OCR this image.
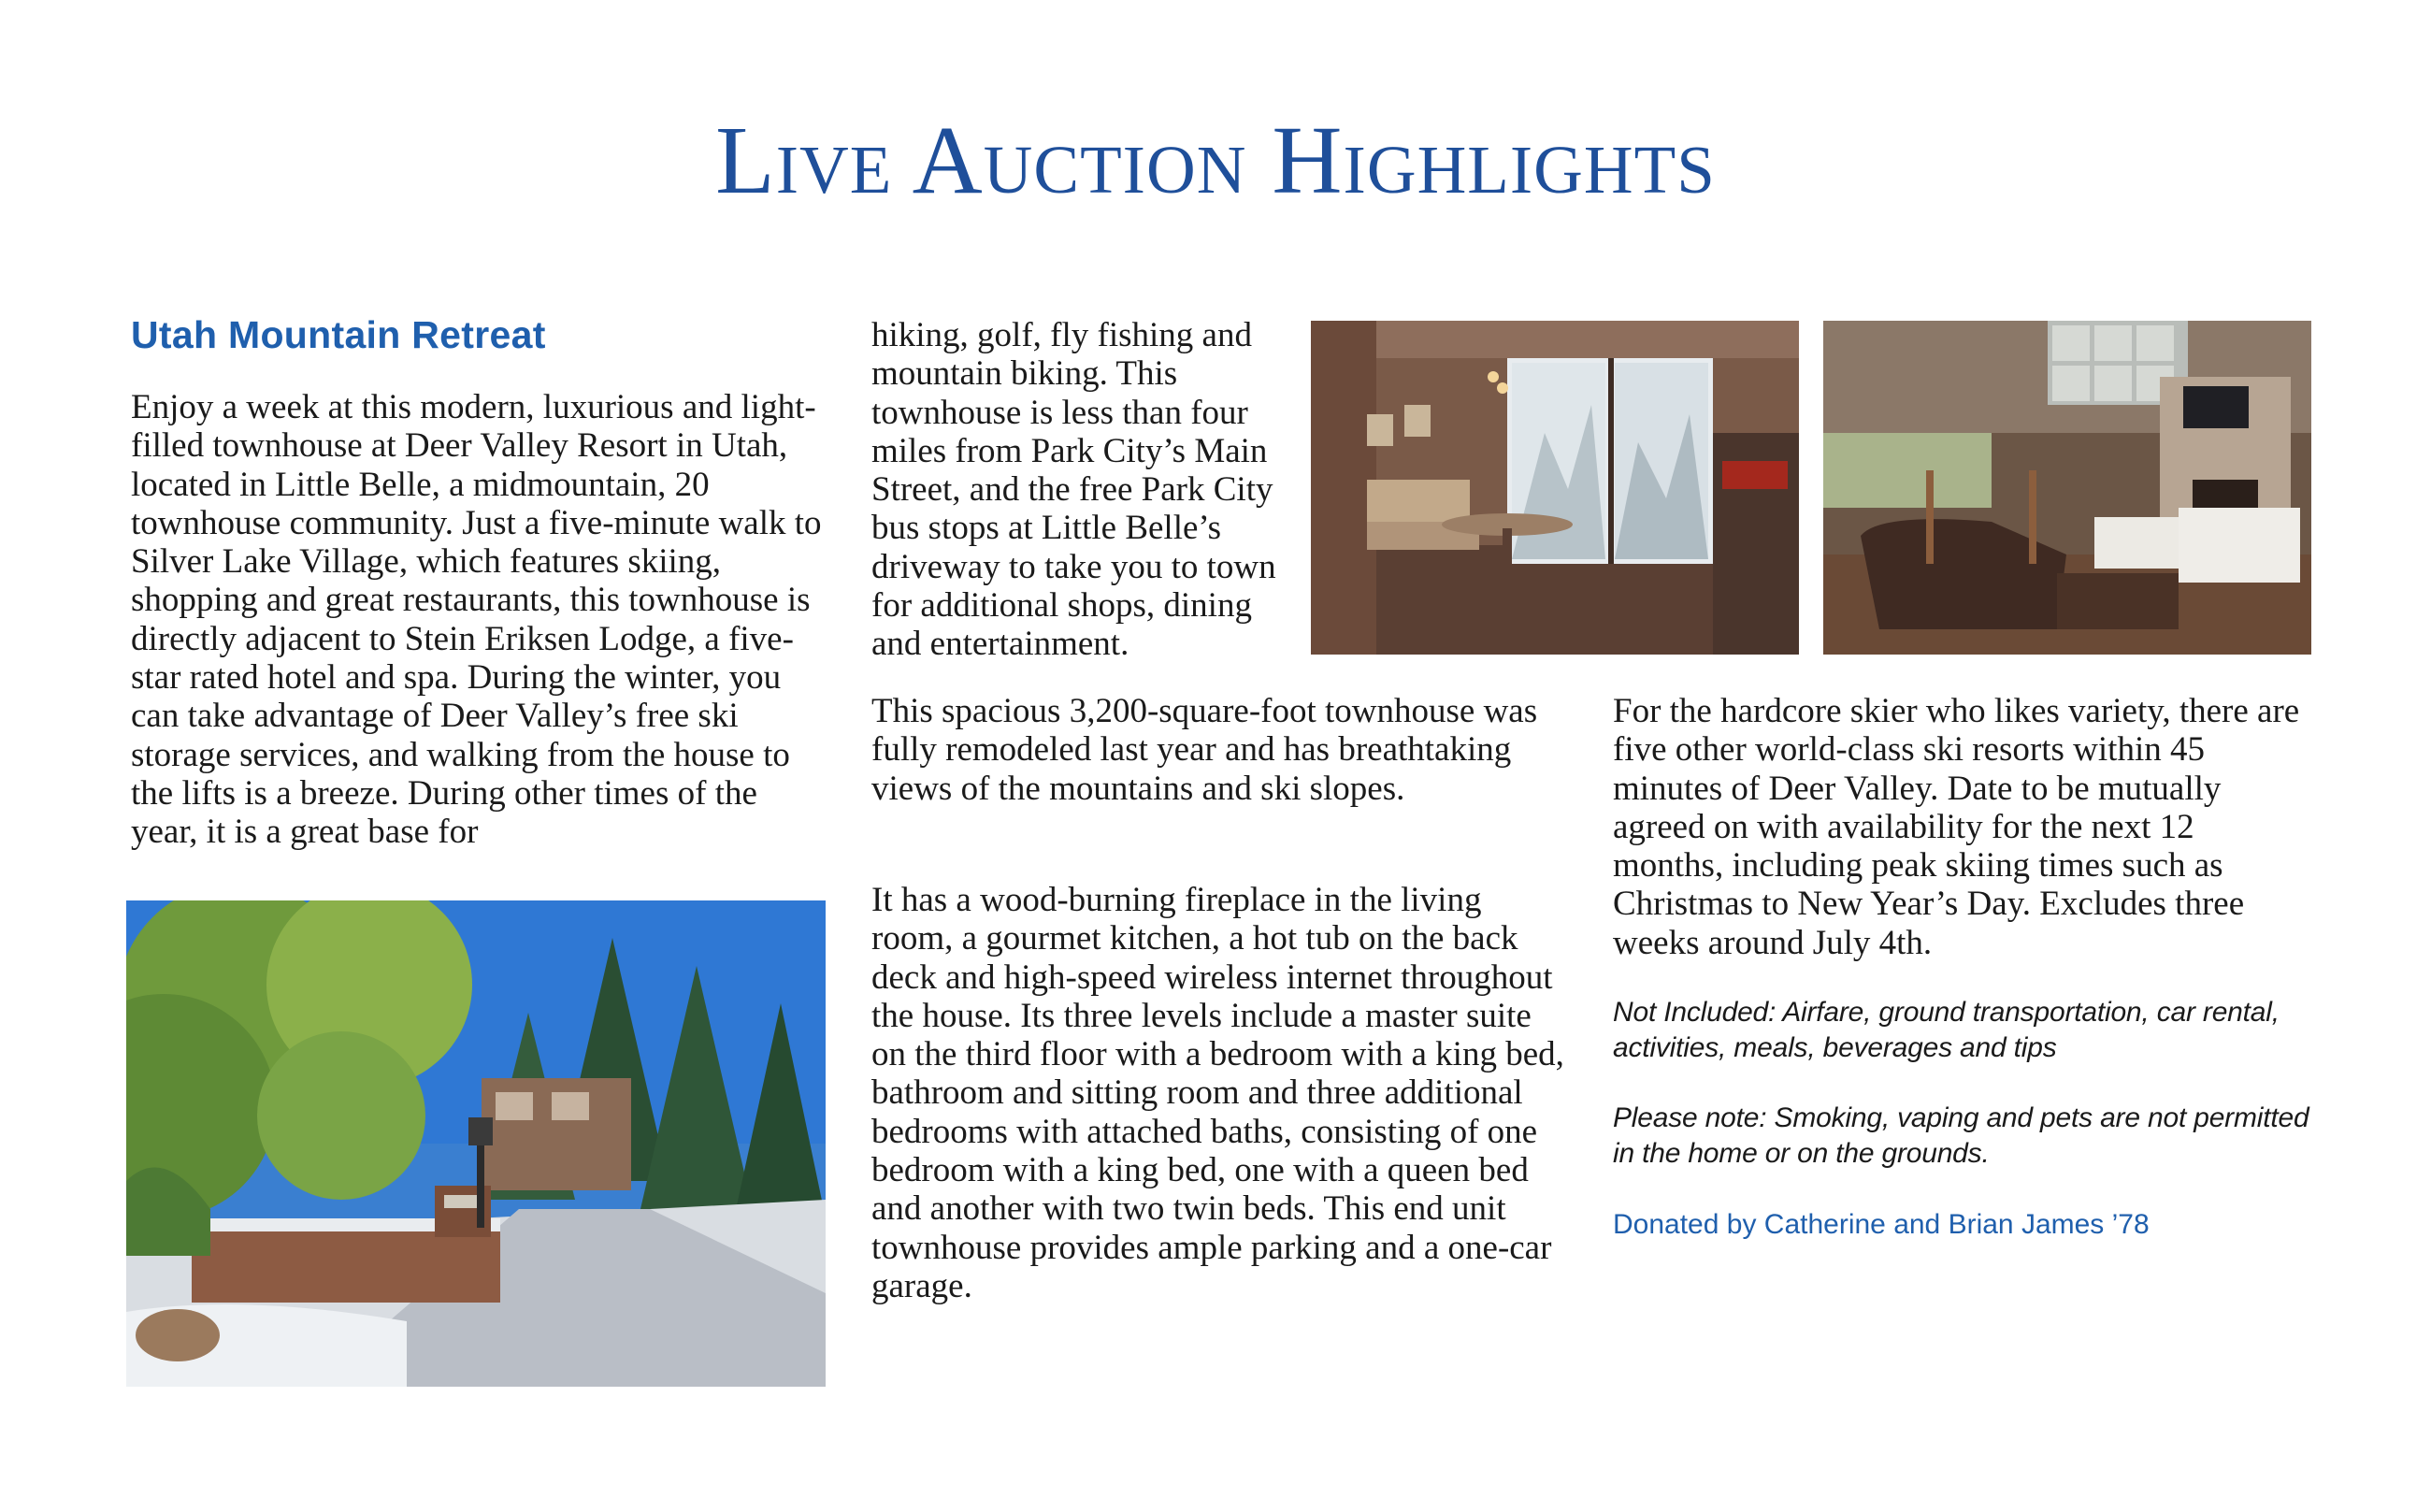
Live Auction Highlights
Utah Mountain Retreat
Enjoy a week at this modern, luxurious and light-filled townhouse at Deer Valley Resort in Utah, located in Little Belle, a midmountain, 20 townhouse community. Just a five-minute walk to Silver Lake Village, which features skiing, shopping and great restaurants, this townhouse is directly adjacent to Stein Eriksen Lodge, a five-star rated hotel and spa. During the winter, you can take advantage of Deer Valley’s free ski storage services, and walking from the house to the lifts is a breeze. During other times of the year, it is a great base for
hiking, golf, fly fishing and mountain biking. This townhouse is less than four miles from Park City’s Main Street, and the free Park City bus stops at Little Belle’s driveway to take you to town for additional shops, dining and entertainment.
This spacious 3,200-square-foot townhouse was fully remodeled last year and has breathtaking views of the mountains and ski slopes.
It has a wood-burning fireplace in the living room, a gourmet kitchen, a hot tub on the back deck and high-speed wireless internet throughout the house. Its three levels include a master suite on the third floor with a bedroom with a king bed, bathroom and sitting room and three additional bedrooms with attached baths, consisting of one bedroom with a king bed, one with a queen bed and another with two twin beds. This end unit townhouse provides ample parking and a one-car garage.
For the hardcore skier who likes variety, there are five other world-class ski resorts within 45 minutes of Deer Valley. Date to be mutually agreed on with availability for the next 12 months, including peak skiing times such as Christmas to New Year’s Day. Excludes three weeks around July 4th.
Not Included: Airfare, ground transportation, car rental, activities, meals, beverages and tips
Please note: Smoking, vaping and pets are not permitted in the home or on the grounds.
Donated by Catherine and Brian James ’78
